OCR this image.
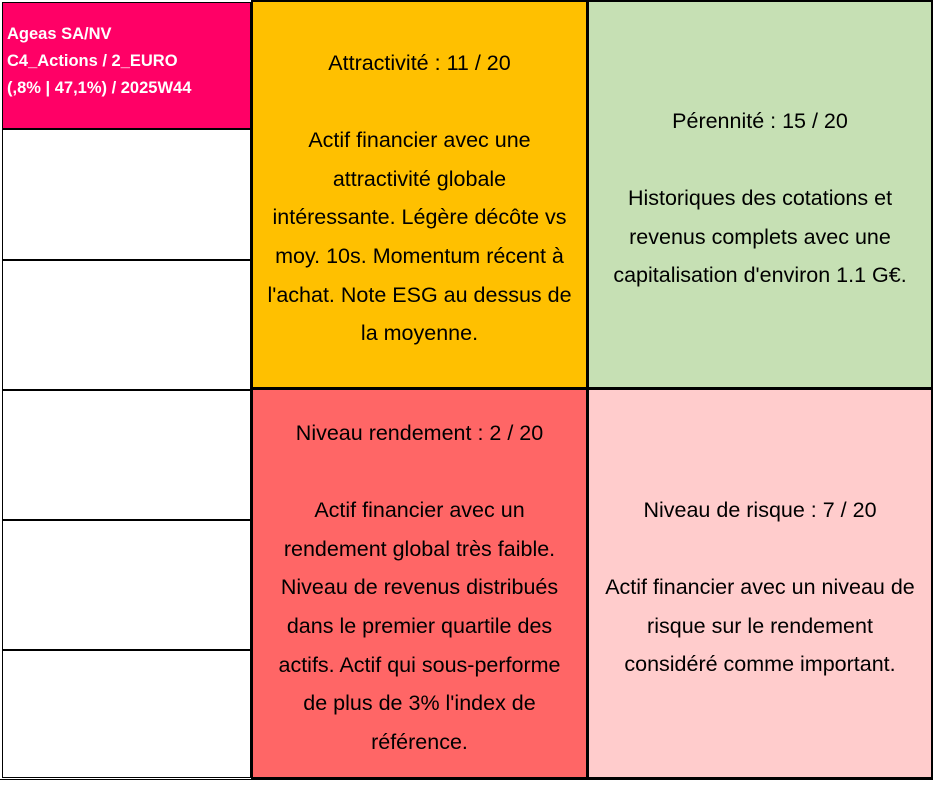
Ageas SA/NV
C4_Actions / 2_EURO
(,8% | 47,1%) / 2025W44
Attractivité : 11 / 20
Actif financier avec une
attractivité globale
intéressante. Légère décôte vs
moy. 10s. Momentum récent à
l'achat. Note ESG au dessus de
la moyenne.
Pérennité : 15 / 20
Historiques des cotations et
revenus complets avec une
capitalisation d'environ 1.1 G€.
Niveau rendement : 2 / 20
Actif financier avec un
rendement global très faible.
Niveau de revenus distribués
dans le premier quartile des
actifs. Actif qui sous-performe
de plus de 3% l'index de
référence.
Niveau de risque : 7 / 20
Actif financier avec un niveau de
risque sur le rendement
considéré comme important.
